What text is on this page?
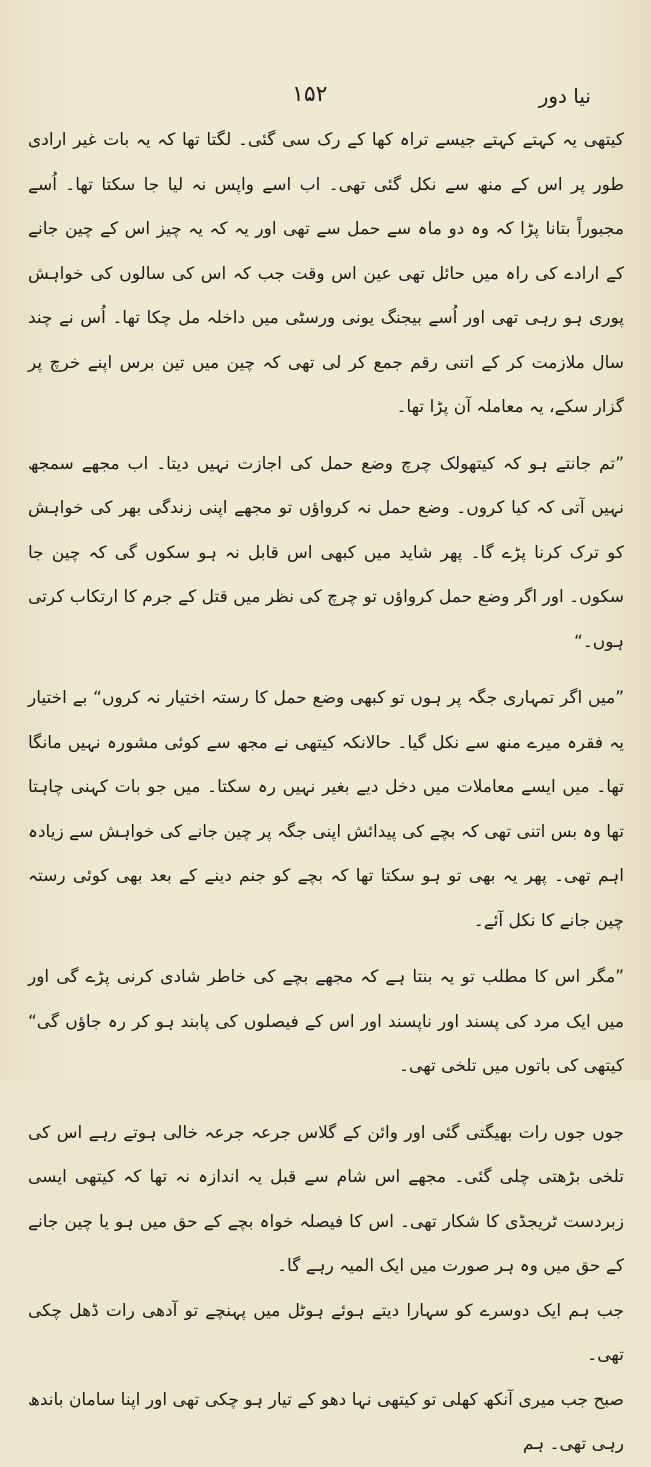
۱۵۲	نیا دور

کیتھی یہ کہتے کہتے جیسے تراہ کھا کے رک سی گئی۔ لگتا تھا کہ یہ بات غیر ارادی طور پر اس کے منھ سے نکل گئی تھی۔ اب اسے واپس نہ لیا جا سکتا تھا۔ اُسے مجبوراً بتانا پڑا کہ وہ دو ماہ سے حمل سے تھی اور یہ کہ یہ چیز اس کے چین جانے کے ارادے کی راہ میں حائل تھی عین اس وقت جب کہ اس کی سالوں کی خواہش پوری ہو رہی تھی اور اُسے بیجنگ یونی ورسٹی میں داخلہ مل چکا تھا۔ اُس نے چند سال ملازمت کر کے اتنی رقم جمع کر لی تھی کہ چین میں تین برس اپنے خرچ پر گزار سکے، یہ معاملہ آن پڑا تھا۔

”تم جانتے ہو کہ کیتھولک چرچ وضع حمل کی اجازت نہیں دیتا۔ اب مجھے سمجھ نہیں آتی کہ کیا کروں۔ وضع حمل نہ کرواؤں تو مجھے اپنی زندگی بھر کی خواہش کو ترک کرنا پڑے گا۔ پھر شاید میں کبھی اس قابل نہ ہو سکوں گی کہ چین جا سکوں۔ اور اگر وضع حمل کرواؤں تو چرچ کی نظر میں قتل کے جرم کا ارتکاب کرتی ہوں۔“

”میں اگر تمہاری جگہ پر ہوں تو کبھی وضع حمل کا رستہ اختیار نہ کروں“ بے اختیار یہ فقرہ میرے منھ سے نکل گیا۔ حالانکہ کیتھی نے مجھ سے کوئی مشورہ نہیں مانگا تھا۔ میں ایسے معاملات میں دخل دیے بغیر نہیں رہ سکتا۔ میں جو بات کہنی چاہتا تھا وہ بس اتنی تھی کہ بچے کی پیدائش اپنی جگہ پر چین جانے کی خواہش سے زیادہ اہم تھی۔ پھر یہ بھی تو ہو سکتا تھا کہ بچے کو جنم دینے کے بعد بھی کوئی رستہ چین جانے کا نکل آئے۔

”مگر اس کا مطلب تو یہ بنتا ہے کہ مجھے بچے کی خاطر شادی کرنی پڑے گی اور میں ایک مرد کی پسند اور ناپسند اور اس کے فیصلوں کی پابند ہو کر رہ جاؤں گی“ کیتھی کی باتوں میں تلخی تھی۔

جوں جوں رات بھیگتی گئی اور وائن کے گلاس جرعہ جرعہ خالی ہوتے رہے اس کی تلخی بڑھتی چلی گئی۔ مجھے اس شام سے قبل یہ اندازہ نہ تھا کہ کیتھی ایسی زبردست ٹریجڈی کا شکار تھی۔ اس کا فیصلہ خواہ بچے کے حق میں ہو یا چین جانے کے حق میں وہ ہر صورت میں ایک المیہ رہے گا۔

جب ہم ایک دوسرے کو سہارا دیتے ہوئے ہوٹل میں پہنچے تو آدھی رات ڈھل چکی تھی۔

صبح جب میری آنکھ کھلی تو کیتھی نہا دھو کے تیار ہو چکی تھی اور اپنا سامان باندھ رہی تھی۔ ہم
